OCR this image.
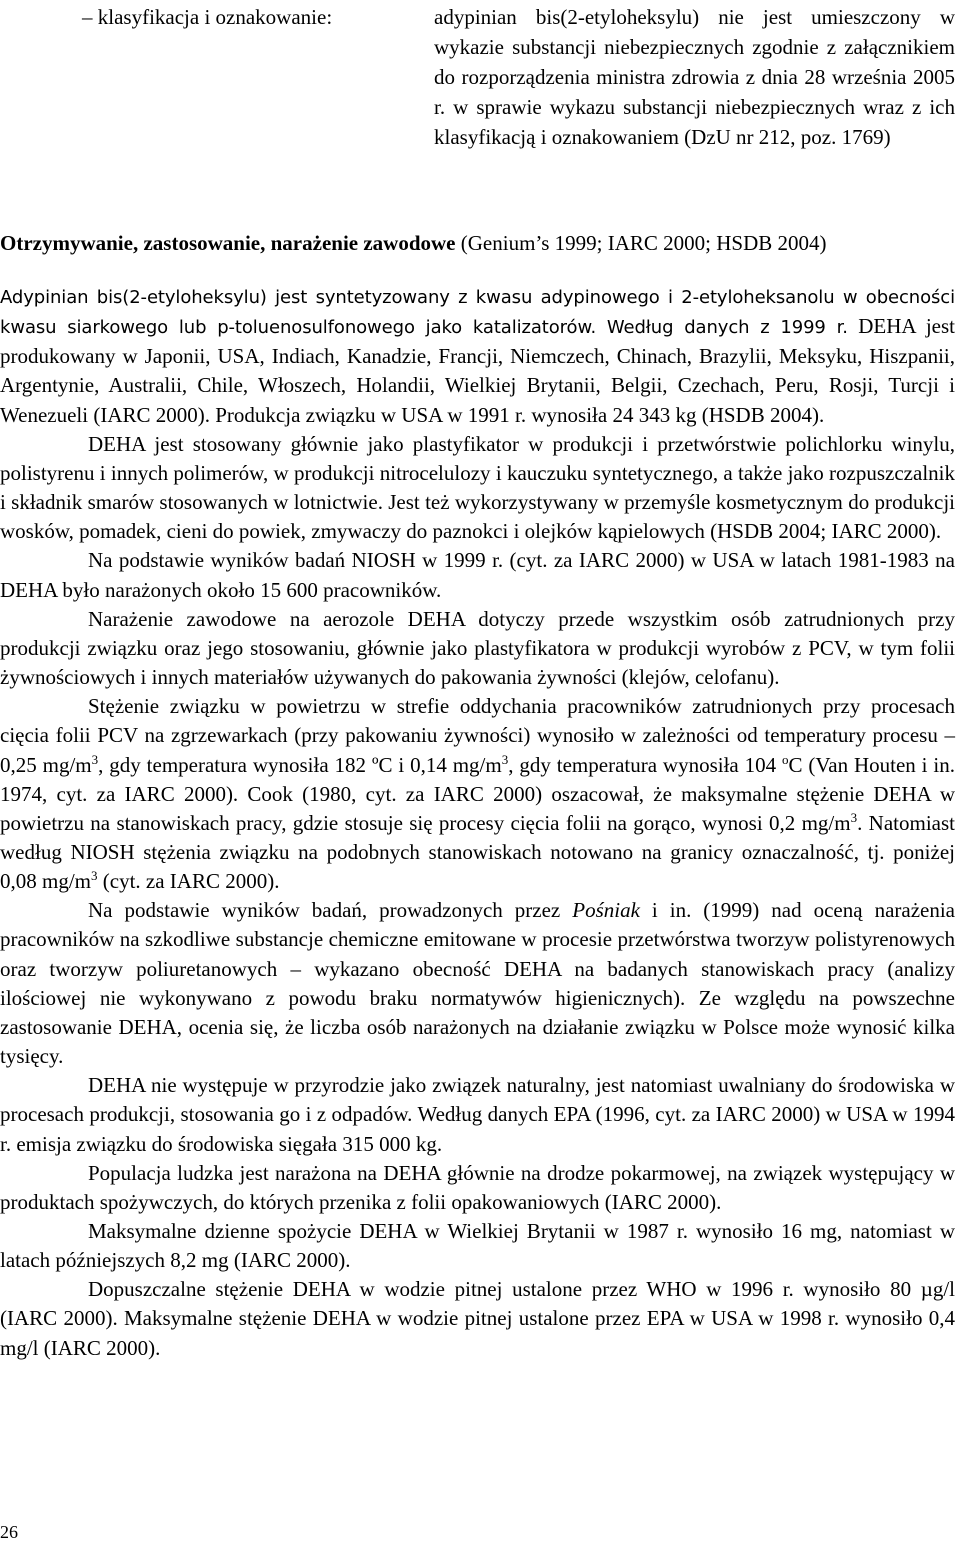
– klasyfikacja i oznakowanie:	adypinian bis(2-etyloheksylu) nie jest umieszczony w wykazie substancji niebezpiecznych zgodnie z załącznikiem do rozporządzenia ministra zdrowia z dnia 28 września 2005 r. w sprawie wykazu substancji niebezpiecznych wraz z ich klasyfikacją i oznakowaniem (DzU nr 212, poz. 1769)
Otrzymywanie, zastosowanie, narażenie zawodowe (Genium’s 1999; IARC 2000; HSDB 2004)

Adypinian bis(2-etyloheksylu) jest syntetyzowany z kwasu adypinowego i 2-etyloheksanolu w obecności kwasu siarkowego lub p-toluenosulfonowego jako katalizatorów. Według danych z 1999 r. DEHA jest produkowany w Japonii, USA, Indiach, Kanadzie, Francji, Niemczech, Chinach, Brazylii, Meksyku, Hiszpanii, Argentynie, Australii, Chile, Włoszech, Holandii, Wielkiej Brytanii, Belgii, Czechach, Peru, Rosji, Turcji i Wenezueli (IARC 2000). Produkcja związku w USA w 1991 r. wynosiła 24 343 kg (HSDB 2004).

DEHA jest stosowany głównie jako plastyfikator w produkcji i przetwórstwie polichlorku winylu, polistyrenu i innych polimerów, w produkcji nitrocelulozy i kauczuku syntetycznego, a także jako rozpuszczalnik i składnik smarów stosowanych w lotnictwie. Jest też wykorzystywany w przemyśle kosmetycznym do produkcji wosków, pomadek, cieni do powiek, zmywaczy do paznokci i olejków kąpielowych (HSDB 2004; IARC 2000).

Na podstawie wyników badań NIOSH w 1999 r. (cyt. za IARC 2000) w USA w latach 1981-1983 na DEHA było narażonych około 15 600 pracowników.

Narażenie zawodowe na aerozole DEHA dotyczy przede wszystkim osób zatrudnionych przy produkcji związku oraz jego stosowaniu, głównie jako plastyfikatora w produkcji wyrobów z PCV, w tym folii żywnościowych i innych materiałów używanych do pakowania żywności (klejów, celofanu).

Stężenie związku w powietrzu w strefie oddychania pracowników zatrudnionych przy procesach cięcia folii PCV na zgrzewarkach (przy pakowaniu żywności) wynosiło w zależności od temperatury procesu – 0,25 $mg/m^3$, gdy temperatura wynosiła 182 ºC i 0,14 $mg/m^3$, gdy temperatura wynosiła 104 $^o$C (Van Houten i in. 1974, cyt. za IARC 2000). Cook (1980, cyt. za IARC 2000) oszacował, że maksymalne stężenie DEHA w powietrzu na stanowiskach pracy, gdzie stosuje się procesy cięcia folii na gorąco, wynosi 0,2 $mg/m^3$. Natomiast według NIOSH stężenia związku na podobnych stanowiskach notowano na granicy oznaczalność, tj. poniżej 0,08 $mg/m^3$ (cyt. za IARC 2000).

Na podstawie wyników badań, prowadzonych przez Pośniak i in. (1999) nad oceną narażenia pracowników na szkodliwe substancje chemiczne emitowane w procesie przetwórstwa tworzyw polistyrenowych oraz tworzyw poliuretanowych – wykazano obecność DEHA na badanych stanowiskach pracy (analizy ilościowej nie wykonywano z powodu braku normatywów higienicznych). Ze względu na powszechne zastosowanie DEHA, ocenia się, że liczba osób narażonych na działanie związku w Polsce może wynosić kilka tysięcy.

DEHA nie występuje w przyrodzie jako związek naturalny, jest natomiast uwalniany do środowiska w procesach produkcji, stosowania go i z odpadów. Według danych EPA (1996, cyt. za IARC 2000) w USA w 1994 r. emisja związku do środowiska sięgała 315 000 kg.

Populacja ludzka jest narażona na DEHA głównie na drodze pokarmowej, na związek występujący w produktach spożywczych, do których przenika z folii opakowaniowych (IARC 2000).

Maksymalne dzienne spożycie DEHA w Wielkiej Brytanii w 1987 r. wynosiło 16 mg, natomiast w latach późniejszych 8,2 mg (IARC 2000).

Dopuszczalne stężenie DEHA w wodzie pitnej ustalone przez WHO w 1996 r. wynosiło 80 µg/l (IARC 2000). Maksymalne stężenie DEHA w wodzie pitnej ustalone przez EPA w USA w 1998 r. wynosiło 0,4 mg/l (IARC 2000).

26
